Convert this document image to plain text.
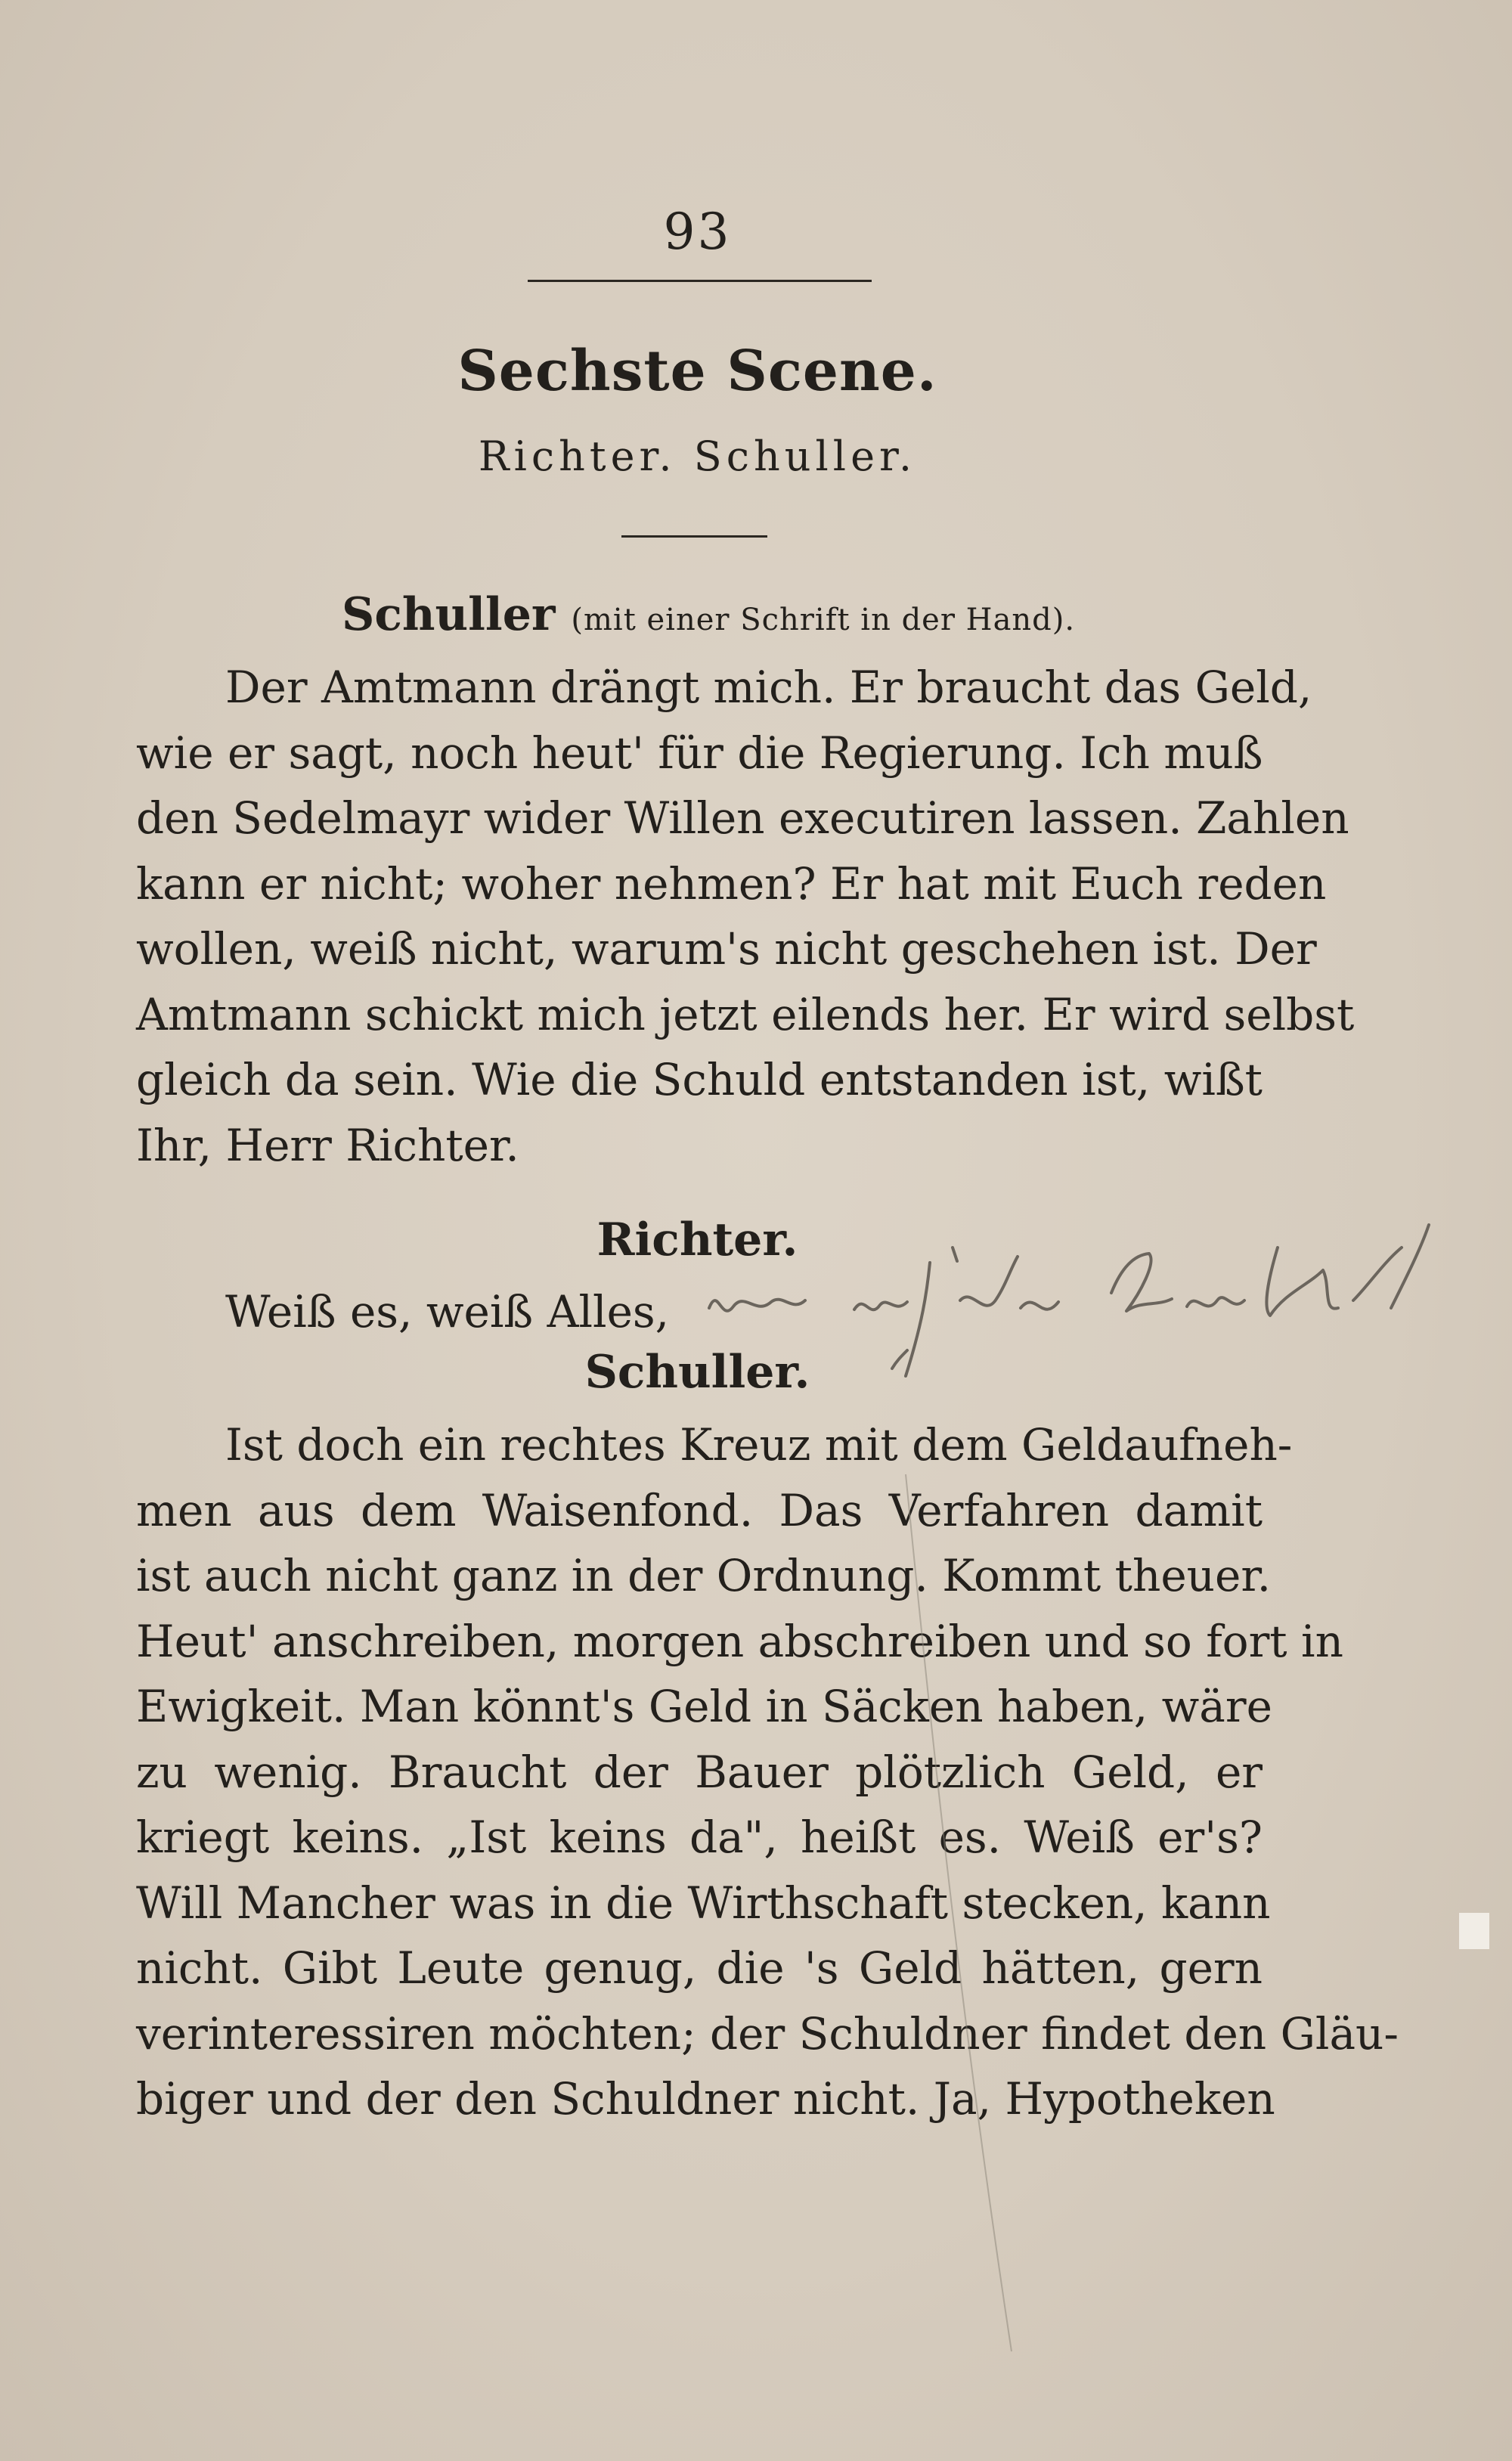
93
Sechste Scene.
Richter. Schuller.
Schuller (mit einer Schrift in der Hand).
Der Amtmann drängt mich. Er braucht das Geld,
wie er sagt, noch heut' für die Regierung. Ich muß
den Sedelmayr wider Willen executiren lassen. Zahlen
kann er nicht; woher nehmen? Er hat mit Euch reden
wollen, weiß nicht, warum's nicht geschehen ist. Der
Amtmann schickt mich jetzt eilends her. Er wird selbst
gleich da sein. Wie die Schuld entstanden ist, wißt
Ihr, Herr Richter.
Richter.
Weiß es, weiß Alles,
Schuller.
Ist doch ein rechtes Kreuz mit dem Geldaufneh-
men aus dem Waisenfond. Das Verfahren damit
ist auch nicht ganz in der Ordnung. Kommt theuer.
Heut' anschreiben, morgen abschreiben und so fort in
Ewigkeit. Man könnt's Geld in Säcken haben, wäre
zu wenig. Braucht der Bauer plötzlich Geld, er
kriegt keins. „Ist keins da", heißt es. Weiß er's?
Will Mancher was in die Wirthschaft stecken, kann
nicht. Gibt Leute genug, die 's Geld hätten, gern
verinteressiren möchten; der Schuldner findet den Gläu-
biger und der den Schuldner nicht. Ja, Hypotheken
